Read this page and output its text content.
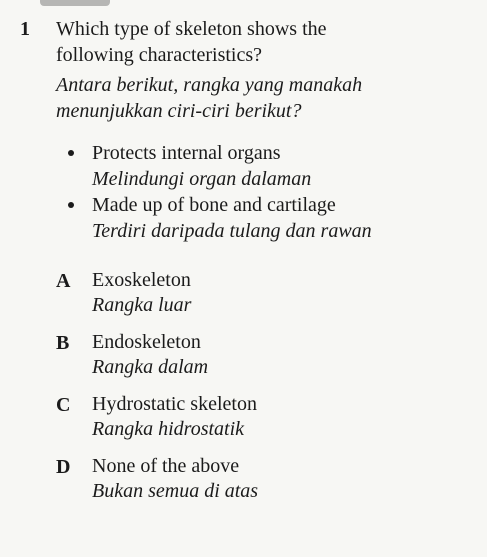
1 Which type of skeleton shows the
following characteristics?
Antara berikut, rangka yang manakah
menunjukkan ciri-ciri berikut?
Protects internal organs
Melindungi organ dalaman
Made up of bone and cartilage
Terdiri daripada tulang dan rawan
A Exoskeleton
Rangka luar
B Endoskeleton
Rangka dalam
C Hydrostatic skeleton
Rangka hidrostatik
D None of the above
Bukan semua di atas
